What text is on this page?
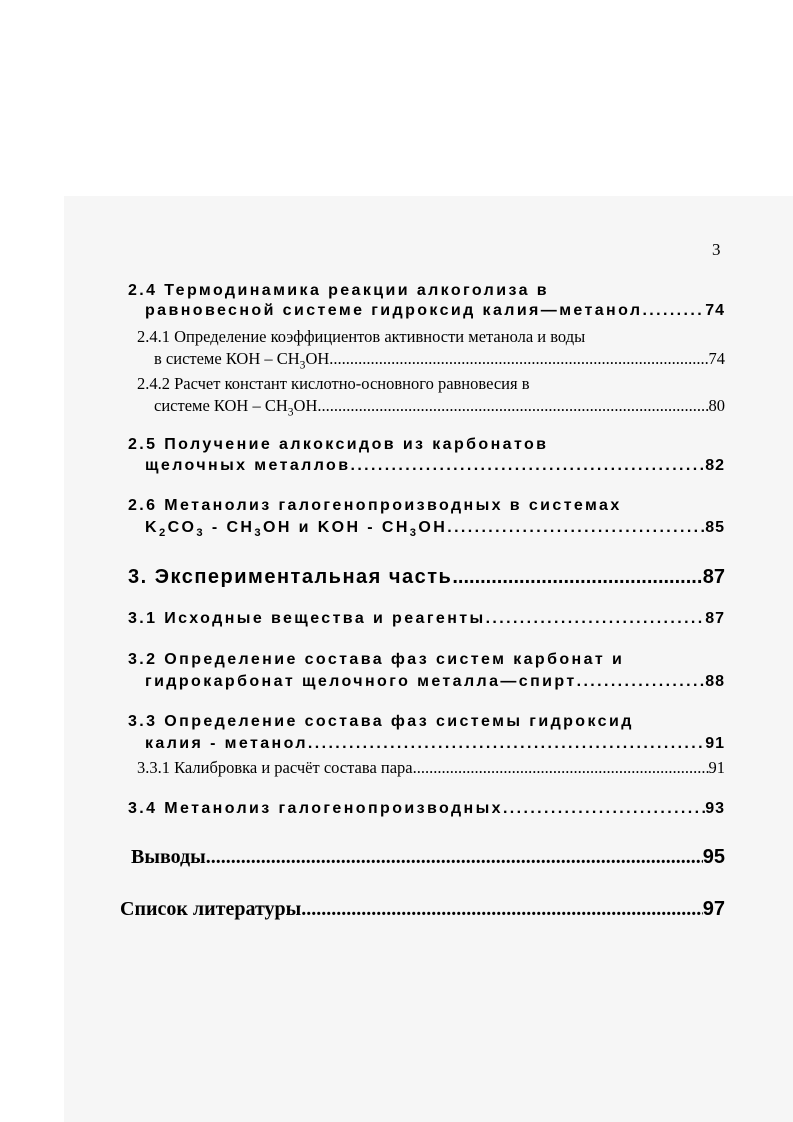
3
2.4 Термодинамика реакции алкоголиза в
равновесной системе гидроксид калия—метанол .....	74
2.4.1 Определение коэффициентов активности метанола и воды
в системе КОН – $CH_3OH$ .....	74
2.4.2 Расчет констант кислотно-основного равновесия в
системе КОН – $CH_3OH$ .....	80
2.5 Получение алкоксидов из карбонатов
щелочных металлов .....	82
2.6 Метанолиз галогенопроизводных в системах
$K_2CO_3 - CH_3OH$ и KOH - $CH_3OH$ .....	85
3. Экспериментальная часть .....	87
3.1 Исходные вещества и реагенты .....	87
3.2 Определение состава фаз систем карбонат и
гидрокарбонат щелочного металла—спирт .....	88
3.3 Определение состава фаз системы гидроксид
калия - метанол .....	91
3.3.1 Калибровка и расчёт состава пара. .....	91
3.4 Метанолиз галогенопроизводных .....	93
Выводы .....	95
Список литературы .....	97
